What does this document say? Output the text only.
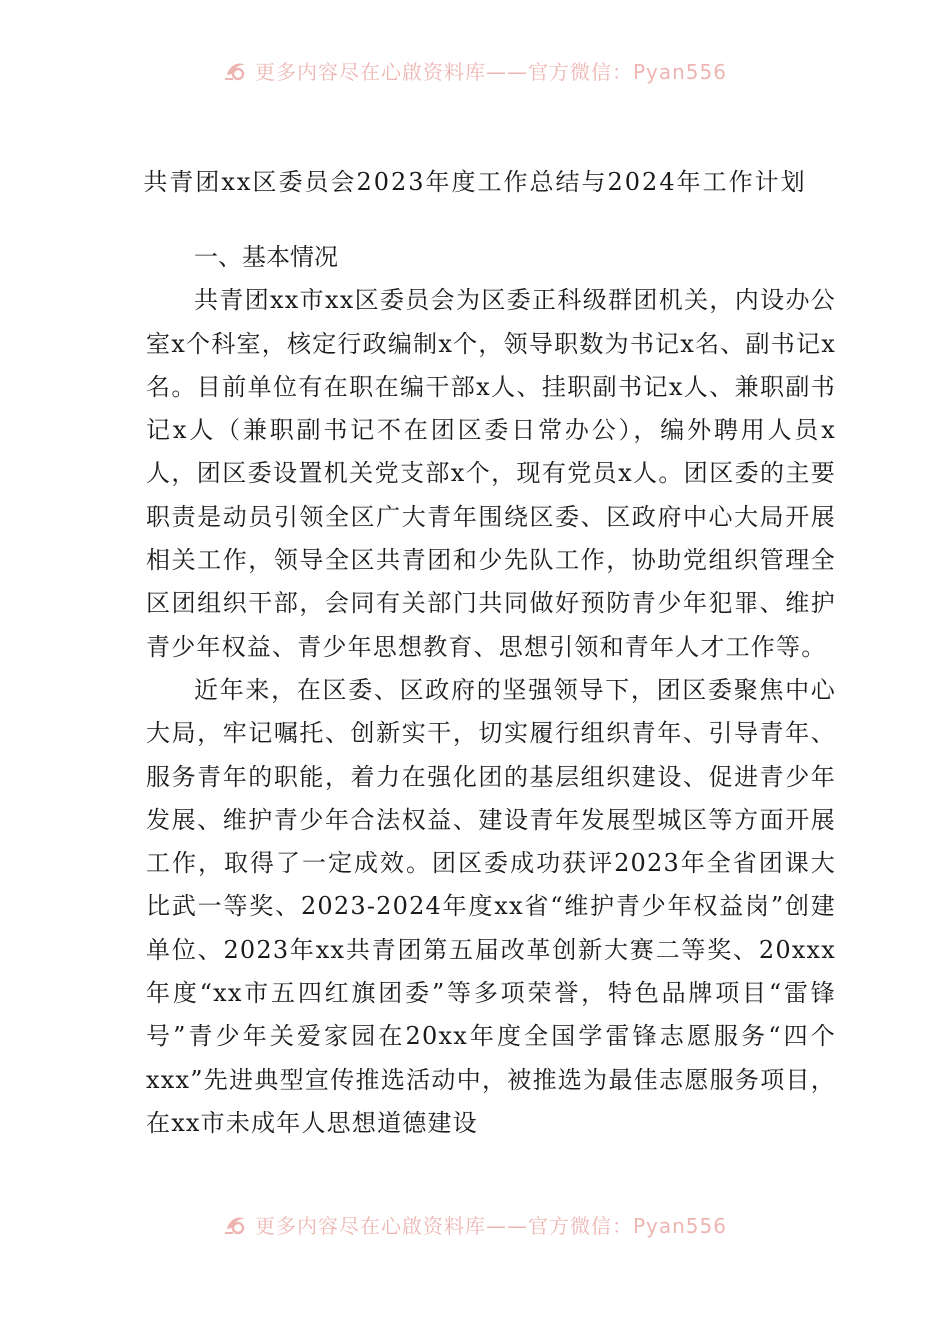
更多内容尽在心啟资料库——官方微信：Pyan556
共青团xx区委员会2023年度工作总结与2024年工作计划

一、基本情况

共青团xx市xx区委员会为区委正科级群团机关，内设办公室x个科室，核定行政编制x个，领导职数为书记x名、副书记x名。目前单位有在职在编干部x人、挂职副书记x人、兼职副书记x人（兼职副书记不在团区委日常办公），编外聘用人员x人，团区委设置机关党支部x个，现有党员x人。团区委的主要职责是动员引领全区广大青年围绕区委、区政府中心大局开展相关工作，领导全区共青团和少先队工作，协助党组织管理全区团组织干部，会同有关部门共同做好预防青少年犯罪、维护青少年权益、青少年思想教育、思想引领和青年人才工作等。

近年来，在区委、区政府的坚强领导下，团区委聚焦中心大局，牢记嘱托、创新实干，切实履行组织青年、引导青年、服务青年的职能，着力在强化团的基层组织建设、促进青少年发展、维护青少年合法权益、建设青年发展型城区等方面开展工作，取得了一定成效。团区委成功获评2023年全省团课大比武一等奖、2023-2024年度xx省“维护青少年权益岗”创建单位、2023年xx共青团第五届改革创新大赛二等奖、20xxx年度“xx市五四红旗团委”等多项荣誉，特色品牌项目“雷锋号”青少年关爱家园在20xx年度全国学雷锋志愿服务“四个xxx”先进典型宣传推选活动中，被推选为最佳志愿服务项目，在xx市未成年人思想道德建设

更多内容尽在心啟资料库——官方微信：Pyan556
